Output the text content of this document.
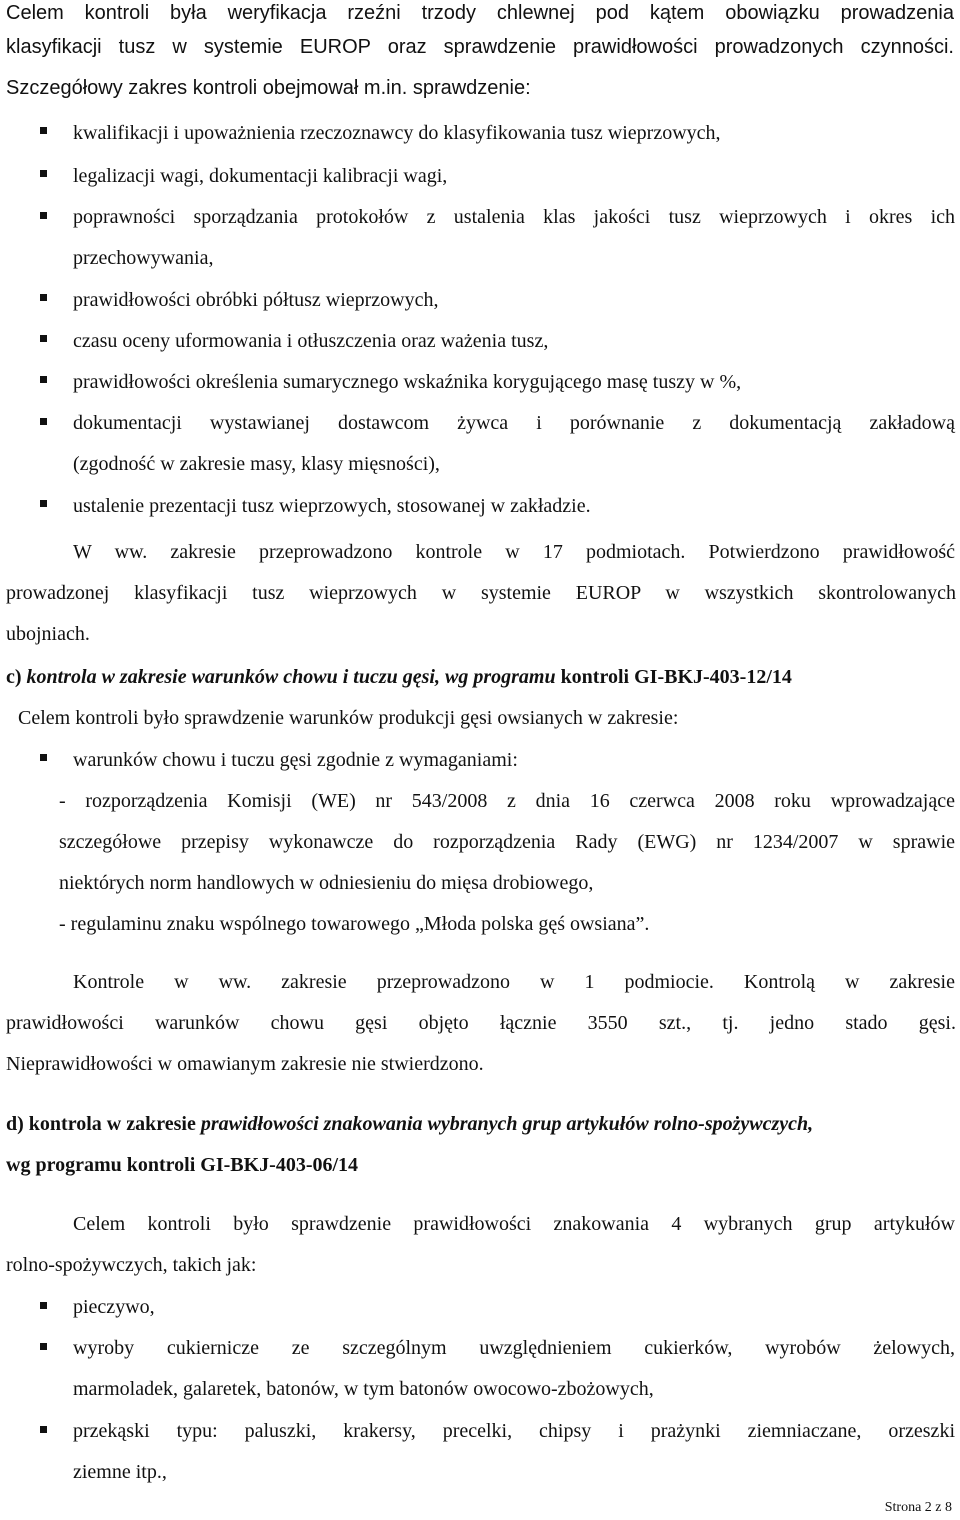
Celem kontroli była weryfikacja rzeźni trzody chlewnej pod kątem obowiązku prowadzenia
klasyfikacji tusz w systemie EUROP oraz sprawdzenie prawidłowości prowadzonych czynności.
Szczegółowy zakres kontroli obejmował m.in. sprawdzenie:
kwalifikacji i upoważnienia rzeczoznawcy do klasyfikowania tusz wieprzowych,
legalizacji wagi, dokumentacji kalibracji wagi,
poprawności sporządzania protokołów z ustalenia klas jakości tusz wieprzowych i okres ich
przechowywania,
prawidłowości obróbki półtusz wieprzowych,
czasu oceny uformowania i otłuszczenia oraz ważenia tusz,
prawidłowości określenia sumarycznego wskaźnika korygującego masę tuszy w %,
dokumentacji wystawianej dostawcom żywca i porównanie z dokumentacją zakładową
(zgodność w zakresie masy, klasy mięsności),
ustalenie prezentacji tusz wieprzowych, stosowanej w zakładzie.
W ww. zakresie przeprowadzono kontrole w 17 podmiotach. Potwierdzono prawidłowość
prowadzonej klasyfikacji tusz wieprzowych w systemie EUROP w wszystkich skontrolowanych
ubojniach.
c) kontrola w zakresie warunków chowu i tuczu gęsi, wg programu kontroli GI-BKJ-403-12/14
Celem kontroli było sprawdzenie warunków produkcji gęsi owsianych w zakresie:
warunków chowu i tuczu gęsi zgodnie z wymaganiami:
- rozporządzenia Komisji (WE) nr 543/2008 z dnia 16 czerwca 2008 roku wprowadzające
szczegółowe przepisy wykonawcze do rozporządzenia Rady (EWG) nr 1234/2007 w sprawie
niektórych norm handlowych w odniesieniu do mięsa drobiowego,
- regulaminu znaku wspólnego towarowego „Młoda polska gęś owsiana”.
Kontrole w ww. zakresie przeprowadzono w 1 podmiocie. Kontrolą w zakresie
prawidłowości warunków chowu gęsi objęto łącznie 3550 szt., tj. jedno stado gęsi.
Nieprawidłowości w omawianym zakresie nie stwierdzono.
d) kontrola w zakresie prawidłowości znakowania wybranych grup artykułów rolno-spożywczych,
wg programu kontroli GI-BKJ-403-06/14
Celem kontroli było sprawdzenie prawidłowości znakowania 4 wybranych grup artykułów
rolno-spożywczych, takich jak:
pieczywo,
wyroby cukiernicze ze szczególnym uwzględnieniem cukierków, wyrobów żelowych,
marmoladek, galaretek, batonów, w tym batonów owocowo-zbożowych,
przekąski typu: paluszki, krakersy, precelki, chipsy i prażynki ziemniaczane, orzeszki
ziemne itp.,
Strona 2 z 8
